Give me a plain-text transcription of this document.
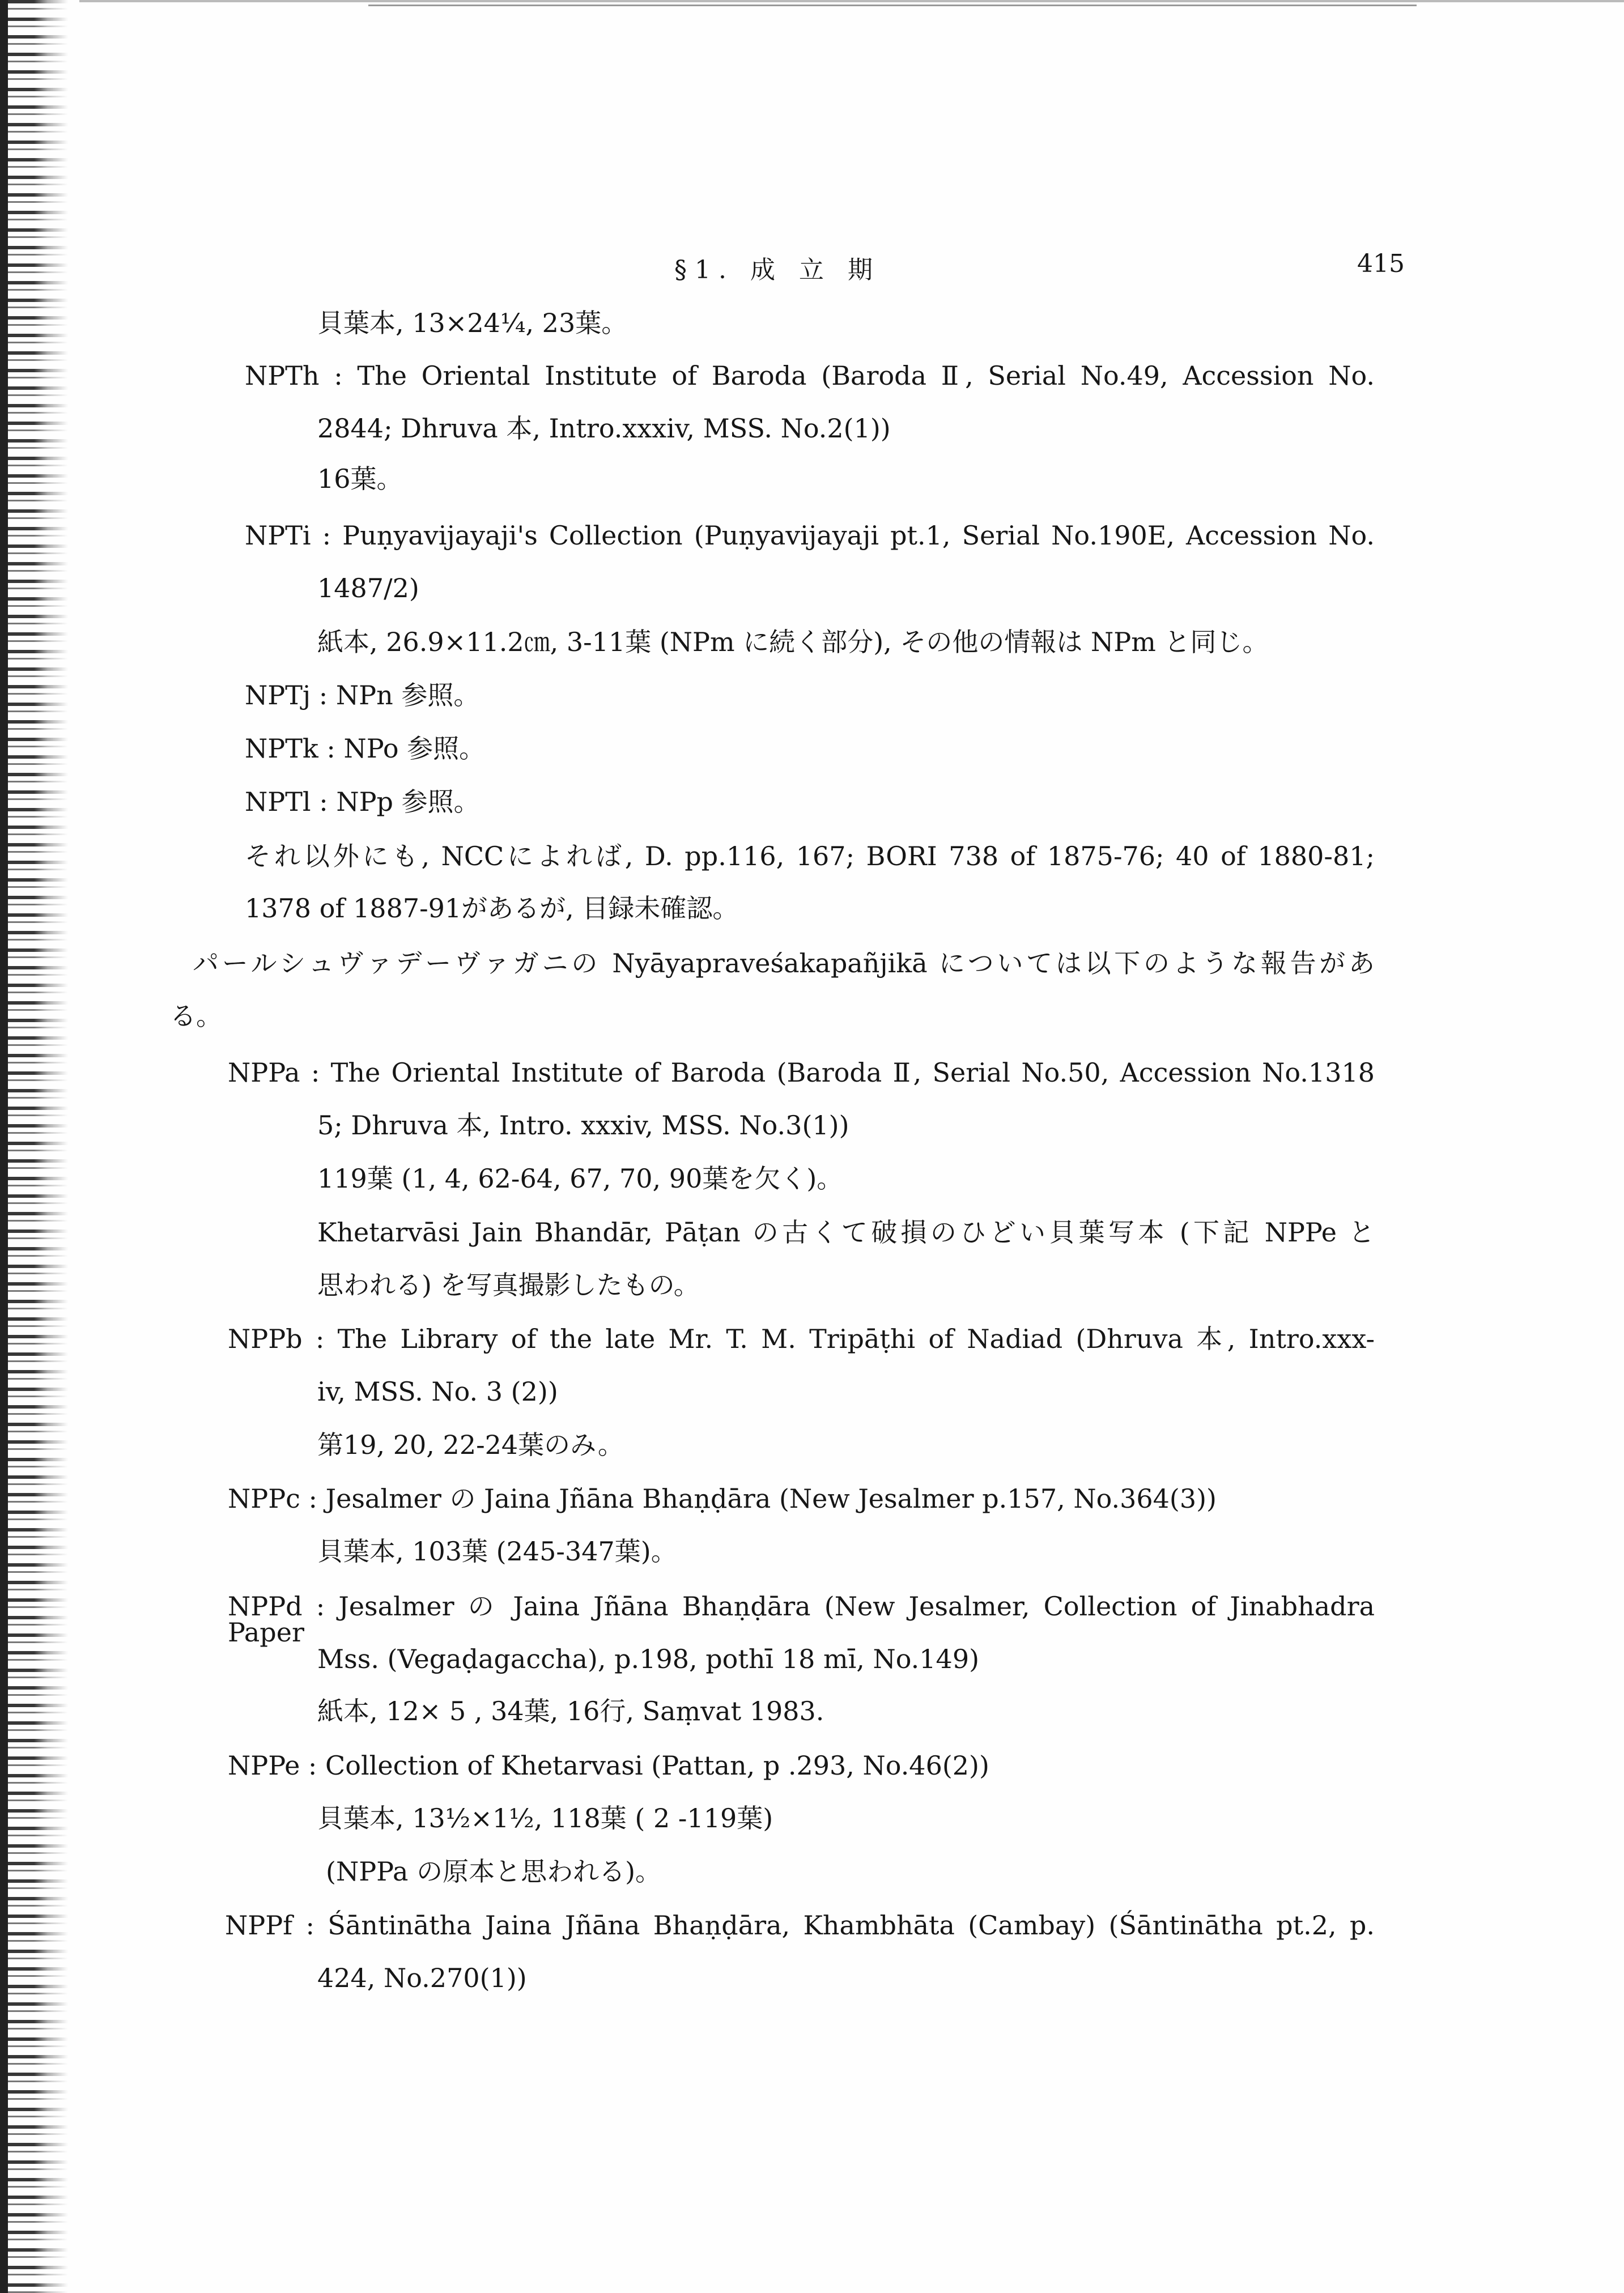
§1. 成 立 期	415
貝葉本, 13×24¼, 23葉。
NPTh : The Oriental Institute of Baroda (Baroda Ⅱ, Serial No.49, Accession No.
2844; Dhruva 本, Intro.xxxiv, MSS. No.2(1))
16葉。
NPTi : Puṇyavijayaji's Collection (Puṇyavijayaji pt.1, Serial No.190E, Accession No.
1487/2)
紙本, 26.9×11.2㎝, 3-11葉 (NPm に続く部分), その他の情報は NPm と同じ。
NPTj : NPn 参照。
NPTk : NPo 参照。
NPTl : NPp 参照。
それ以外にも, NCCによれば, D. pp.116, 167; BORI 738 of 1875-76; 40 of 1880-81;
1378 of 1887-91があるが, 目録未確認。
パールシュヴァデーヴァガニの Nyāyapraveśakapañjikā については以下のような報告があ
る。
NPPa : The Oriental Institute of Baroda (Baroda Ⅱ, Serial No.50, Accession No.1318
5; Dhruva 本, Intro. xxxiv, MSS. No.3(1))
119葉 (1, 4, 62-64, 67, 70, 90葉を欠く)。
Khetarvāsi Jain Bhandār, Pāṭan の古くて破損のひどい貝葉写本 (下記 NPPe と
思われる) を写真撮影したもの。
NPPb : The Library of the late Mr. T. M. Tripāṭhi of Nadiad (Dhruva 本, Intro.xxx-
iv, MSS. No. 3 (2))
第19, 20, 22-24葉のみ。
NPPc : Jesalmer の Jaina Jñāna Bhaṇḍāra (New Jesalmer p.157, No.364(3))
貝葉本, 103葉 (245-347葉)。
NPPd : Jesalmer の Jaina Jñāna Bhaṇḍāra (New Jesalmer, Collection of Jinabhadra Paper
Mss. (Vegaḍagaccha), p.198, pothī 18 mī, No.149)
紙本, 12× 5 , 34葉, 16行, Saṃvat 1983.
NPPe : Collection of Khetarvasi (Pattan, p .293, No.46(2))
貝葉本, 13½×1½, 118葉 ( 2 -119葉)
(NPPa の原本と思われる)。
NPPf : Śāntinātha Jaina Jñāna Bhaṇḍāra, Khambhāta (Cambay) (Śāntinātha pt.2, p.
424, No.270(1))
